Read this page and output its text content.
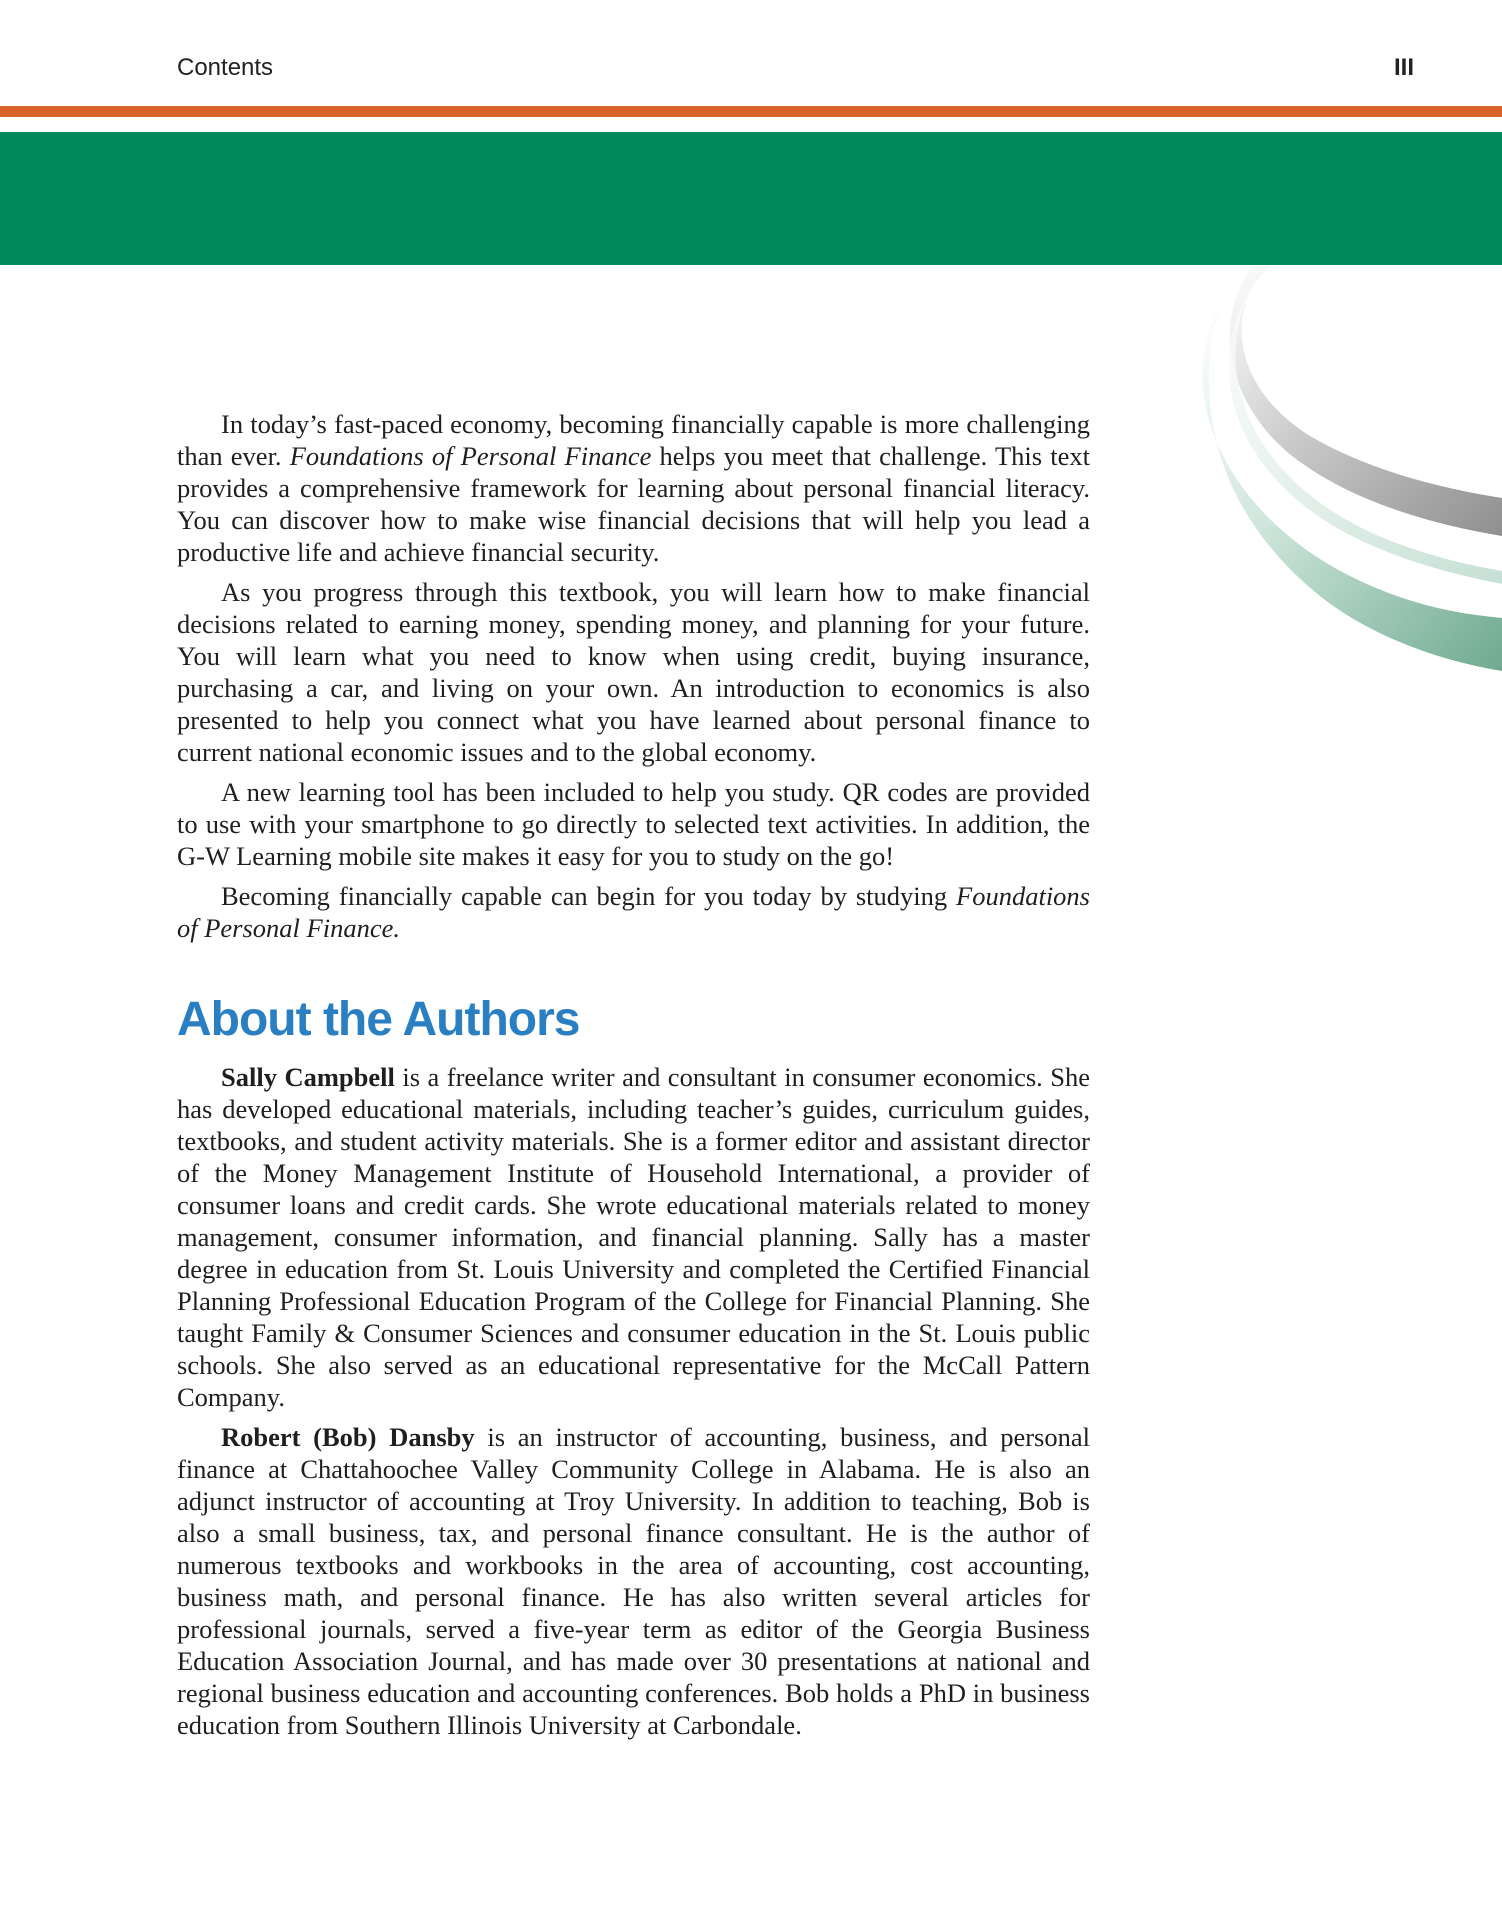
Contents	III
Introduction

In today’s fast-paced economy, becoming financially capable is more challenging than ever. Foundations of Personal Finance helps you meet that challenge. This text provides a comprehensive framework for learning about personal financial literacy. You can discover how to make wise financial decisions that will help you lead a productive life and achieve financial security.

As you progress through this textbook, you will learn how to make financial decisions related to earning money, spending money, and planning for your future. You will learn what you need to know when using credit, buying insurance, purchasing a car, and living on your own. An introduction to economics is also presented to help you connect what you have learned about personal finance to current national economic issues and to the global economy.

A new learning tool has been included to help you study. QR codes are provided to use with your smartphone to go directly to selected text activities. In addition, the G-W Learning mobile site makes it easy for you to study on the go!

Becoming financially capable can begin for you today by studying Foundations of Personal Finance.

About the Authors

Sally Campbell is a freelance writer and consultant in consumer economics. She has developed educational materials, including teacher’s guides, curriculum guides, textbooks, and student activity materials. She is a former editor and assistant director of the Money Management Institute of Household International, a provider of consumer loans and credit cards. She wrote educational materials related to money management, consumer information, and financial planning. Sally has a master degree in education from St. Louis University and completed the Certified Financial Planning Professional Education Program of the College for Financial Planning. She taught Family & Consumer Sciences and consumer education in the St. Louis public schools. She also served as an educational representative for the McCall Pattern Company.

Robert (Bob) Dansby is an instructor of accounting, business, and personal finance at Chattahoochee Valley Community College in Alabama. He is also an adjunct instructor of accounting at Troy University. In addition to teaching, Bob is also a small business, tax, and personal finance consultant. He is the author of numerous textbooks and workbooks in the area of accounting, cost accounting, business math, and personal finance. He has also written several articles for professional journals, served a five-year term as editor of the Georgia Business Education Association Journal, and has made over 30 presentations at national and regional business education and accounting conferences. Bob holds a PhD in business education from Southern Illinois University at Carbondale.
